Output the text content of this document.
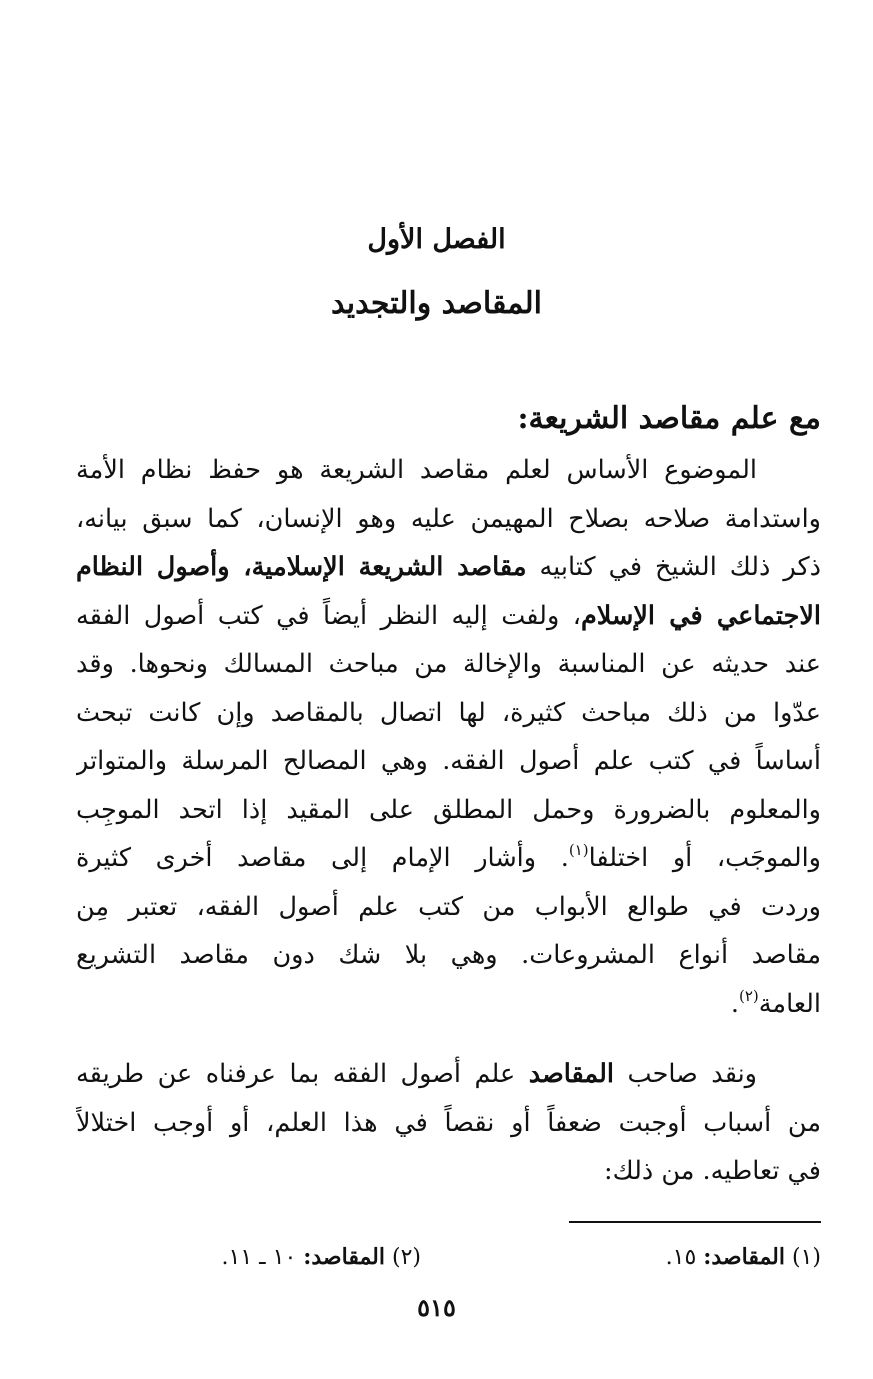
الفصل الأول
المقاصد والتجديد
مع علم مقاصد الشريعة:
الموضوع الأساس لعلم مقاصد الشريعة هو حفظ نظام الأمة
واستدامة صلاحه بصلاح المهيمن عليه وهو الإنسان، كما سبق بيانه،
ذكر ذلك الشيخ في كتابيه مقاصد الشريعة الإسلامية، وأصول النظام
الاجتماعي في الإسلام، ولفت إليه النظر أيضاً في كتب أصول الفقه
عند حديثه عن المناسبة والإخالة من مباحث المسالك ونحوها. وقد
عدّوا من ذلك مباحث كثيرة، لها اتصال بالمقاصد وإن كانت تبحث
أساساً في كتب علم أصول الفقه. وهي المصالح المرسلة والمتواتر
والمعلوم بالضرورة وحمل المطلق على المقيد إذا اتحد الموجِب
والموجَب، أو اختلفا$^{(١)}$. وأشار الإمام إلى مقاصد أخرى كثيرة
وردت في طوالع الأبواب من كتب علم أصول الفقه، تعتبر مِن
مقاصد أنواع المشروعات. وهي بلا شك دون مقاصد التشريع
العامة$^{(٢)}$.
ونقد صاحب المقاصد علم أصول الفقه بما عرفناه عن طريقه
من أسباب أوجبت ضعفاً أو نقصاً في هذا العلم، أو أوجب اختلالاً
في تعاطيه. من ذلك:
(١) المقاصد: ١٥.
(٢) المقاصد: ١٠ ـ ١١.
٥١٥
